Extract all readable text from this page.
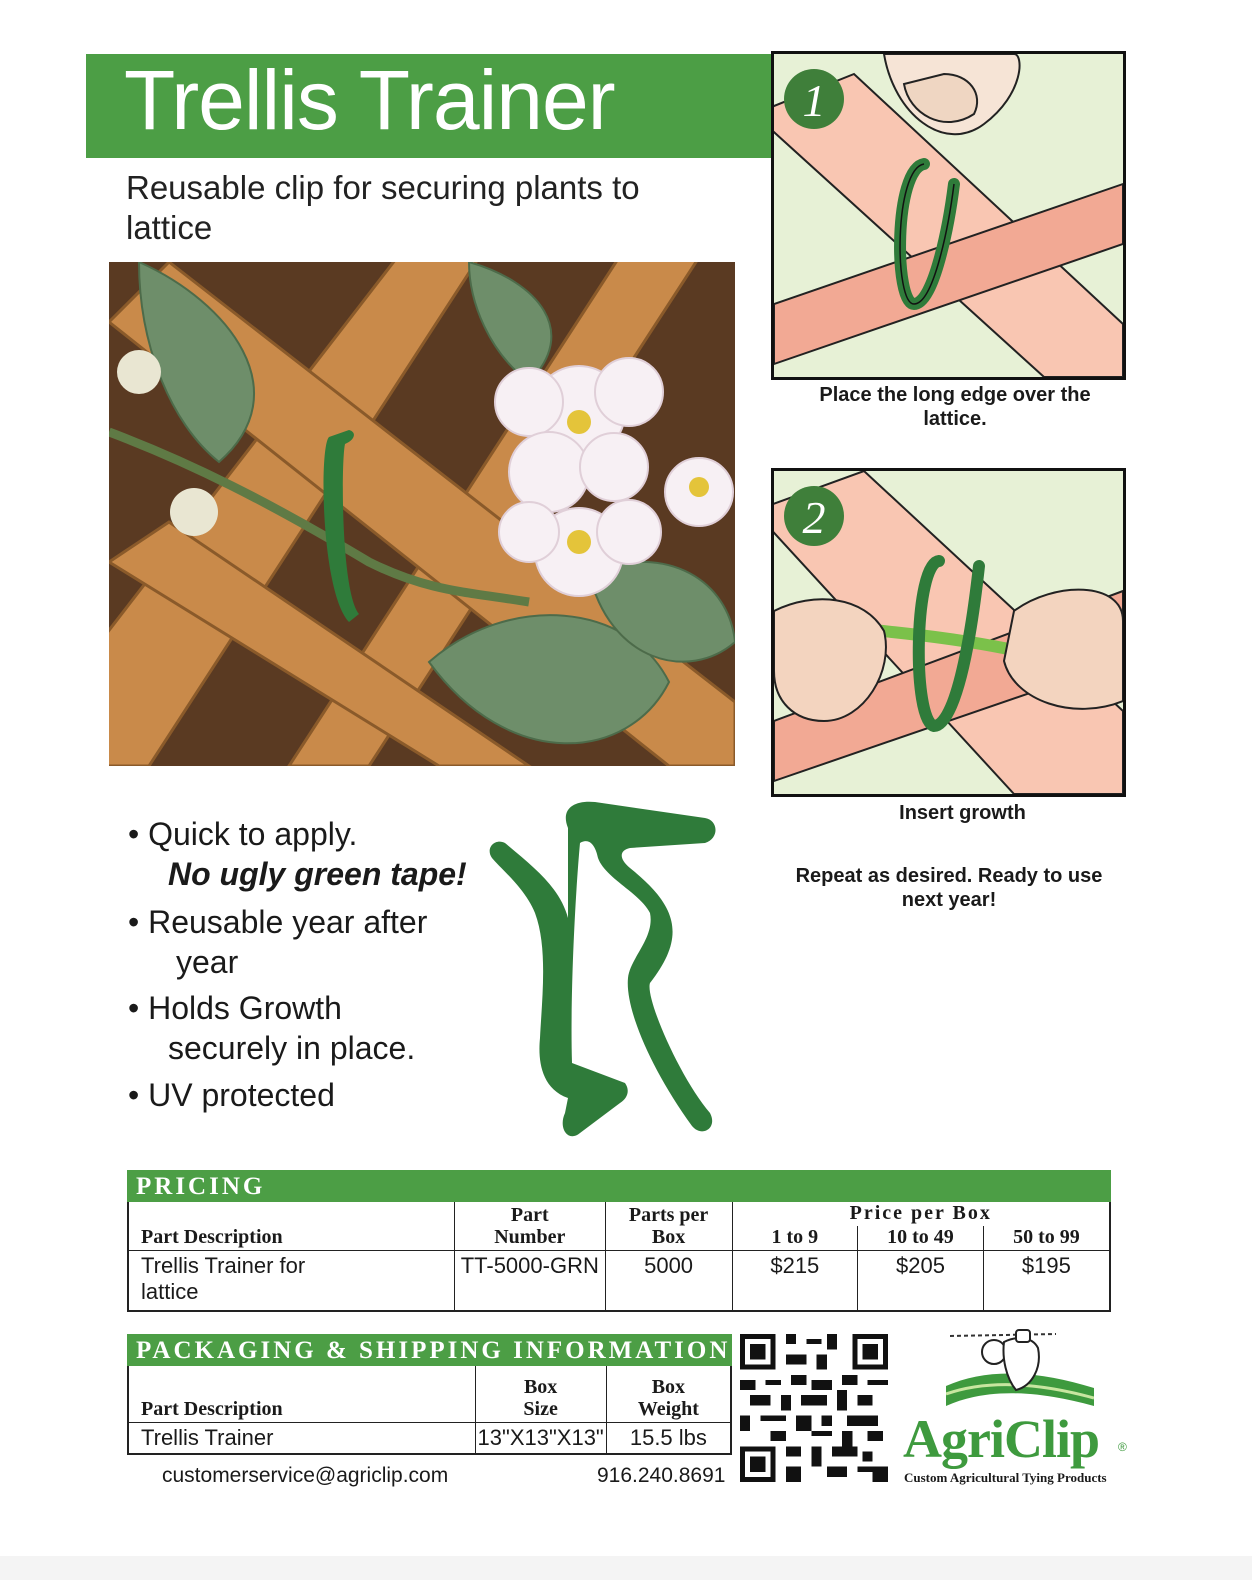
Trellis Trainer
Reusable clip for securing plants to lattice
1
Place the long edge over the lattice.
2
Insert growth
Repeat as desired. Ready to use next year!
• Quick to apply.
No ugly green tape!
• Reusable year after
year
• Holds Growth
securely in place.
• UV protected
PRICING
Part Description	Part Number	Parts per Box	Price per Box		
			1 to 9	10 to 49	50 to 99
Trellis Trainer for lattice	TT-5000-GRN	5000	$215	$205	$195
PACKAGING & SHIPPING INFORMATION
Part Description	Box Size	Box Weight
Trellis Trainer	13"X13"X13"	15.5 lbs
customerservice@agriclip.com	916.240.8691
AgriClip ®
Custom Agricultural Tying Products
